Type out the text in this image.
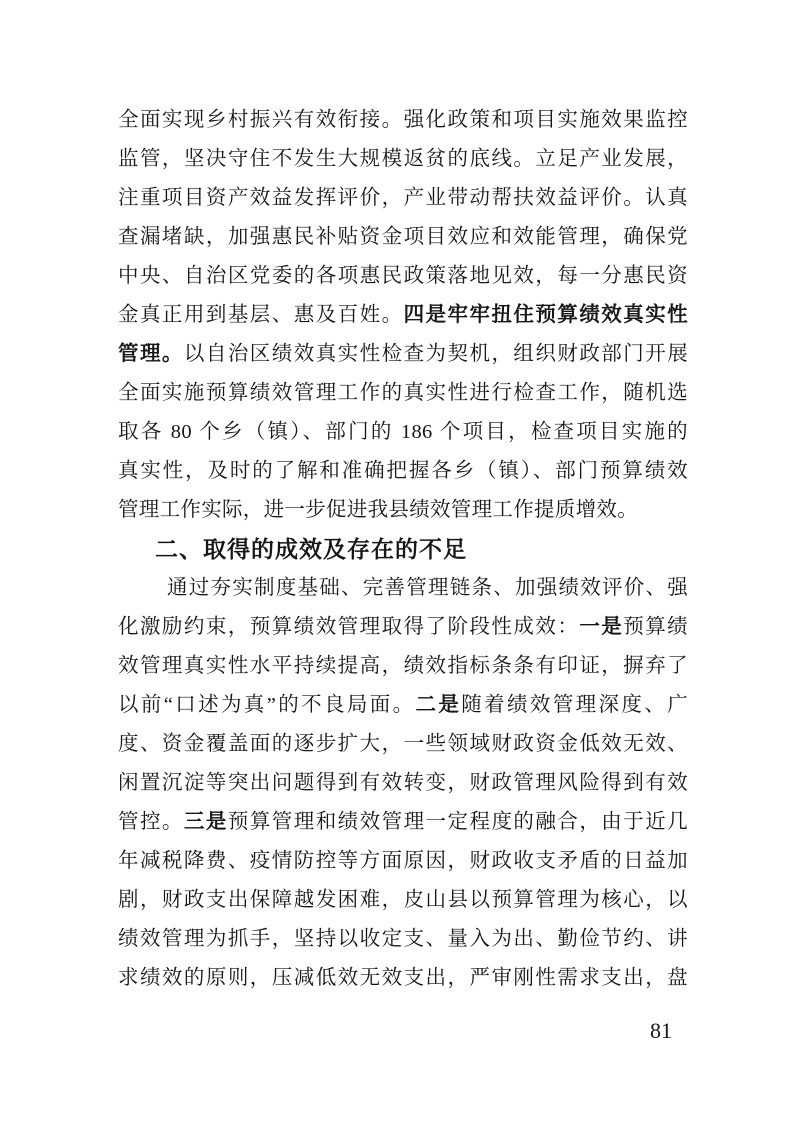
全面实现乡村振兴有效衔接。强化政策和项目实施效果监控
监管，坚决守住不发生大规模返贫的底线。立足产业发展，
注重项目资产效益发挥评价，产业带动帮扶效益评价。认真
查漏堵缺，加强惠民补贴资金项目效应和效能管理，确保党
中央、自治区党委的各项惠民政策落地见效，每一分惠民资
金真正用到基层、惠及百姓。四是牢牢扭住预算绩效真实性
管理。以自治区绩效真实性检查为契机，组织财政部门开展
全面实施预算绩效管理工作的真实性进行检查工作，随机选
取各 80 个乡（镇）、部门的 186 个项目，检查项目实施的
真实性，及时的了解和准确把握各乡（镇）、部门预算绩效
管理工作实际，进一步促进我县绩效管理工作提质增效。
二、取得的成效及存在的不足
通过夯实制度基础、完善管理链条、加强绩效评价、强
化激励约束，预算绩效管理取得了阶段性成效：一是预算绩
效管理真实性水平持续提高，绩效指标条条有印证，摒弃了
以前“口述为真”的不良局面。二是随着绩效管理深度、广
度、资金覆盖面的逐步扩大，一些领域财政资金低效无效、
闲置沉淀等突出问题得到有效转变，财政管理风险得到有效
管控。三是预算管理和绩效管理一定程度的融合，由于近几
年减税降费、疫情防控等方面原因，财政收支矛盾的日益加
剧，财政支出保障越发困难，皮山县以预算管理为核心，以
绩效管理为抓手，坚持以收定支、量入为出、勤俭节约、讲
求绩效的原则，压减低效无效支出，严审刚性需求支出，盘
81
